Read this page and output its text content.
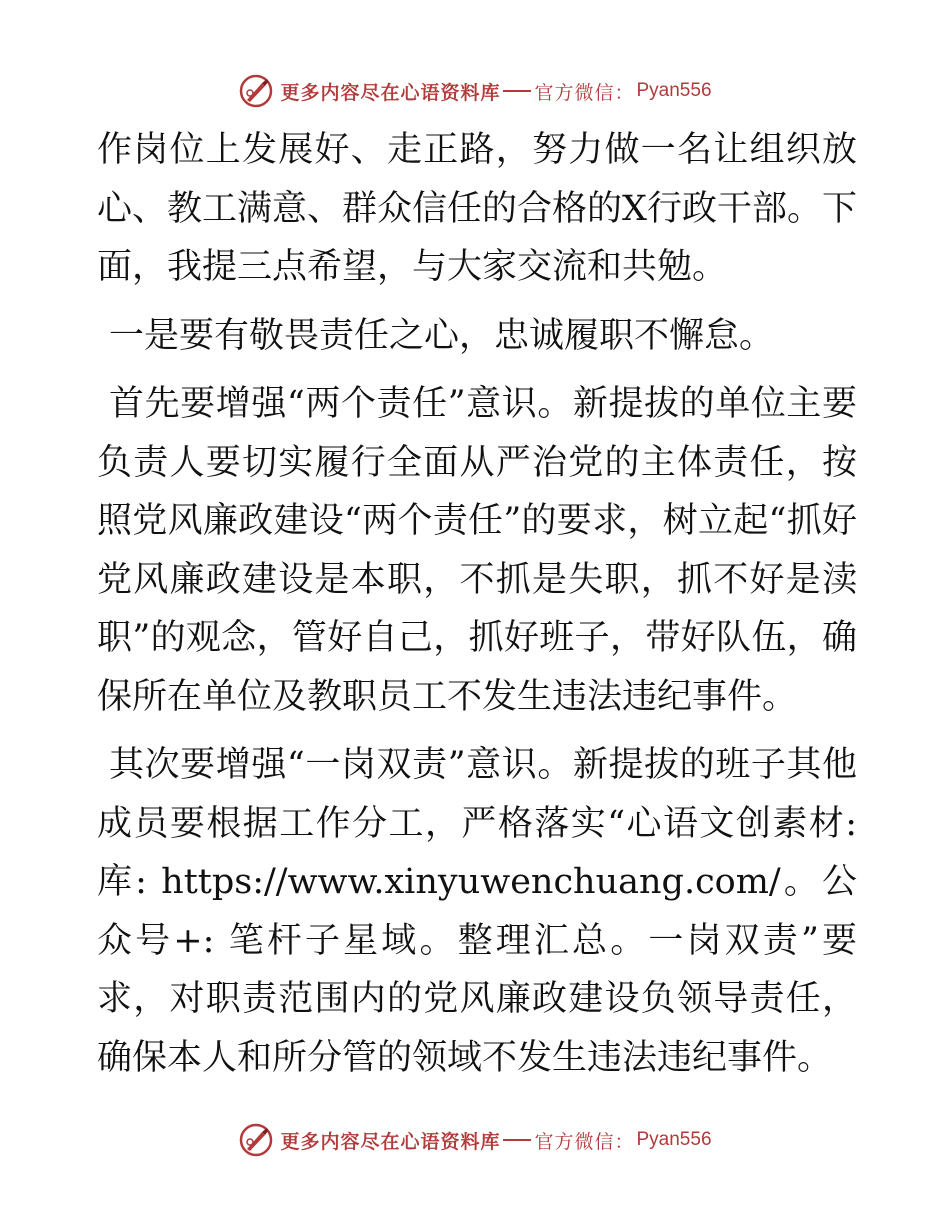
更多内容尽在心语资料库 官方微信： Pyan556

作岗位上发展好、走正路，努力做一名让组织放心、教工满意、群众信任的合格的X行政干部。下面，我提三点希望，与大家交流和共勉。

一是要有敬畏责任之心，忠诚履职不懈怠。

首先要增强“两个责任”意识。新提拔的单位主要负责人要切实履行全面从严治党的主体责任，按照党风廉政建设“两个责任”的要求，树立起“抓好党风廉政建设是本职，不抓是失职，抓不好是渎职”的观念，管好自己，抓好班子，带好队伍，确保所在单位及教职员工不发生违法违纪事件。

其次要增强“一岗双责”意识。新提拔的班子其他成员要根据工作分工，严格落实“心语文创素材:库: https://www.xinyuwenchuang.com/。公众号+: 笔杆子星域。整理汇总。一岗双责”要求，对职责范围内的党风廉政建设负领导责任，确保本人和所分管的领域不发生违法违纪事件。

更多内容尽在心语资料库 官方微信： Pyan556
